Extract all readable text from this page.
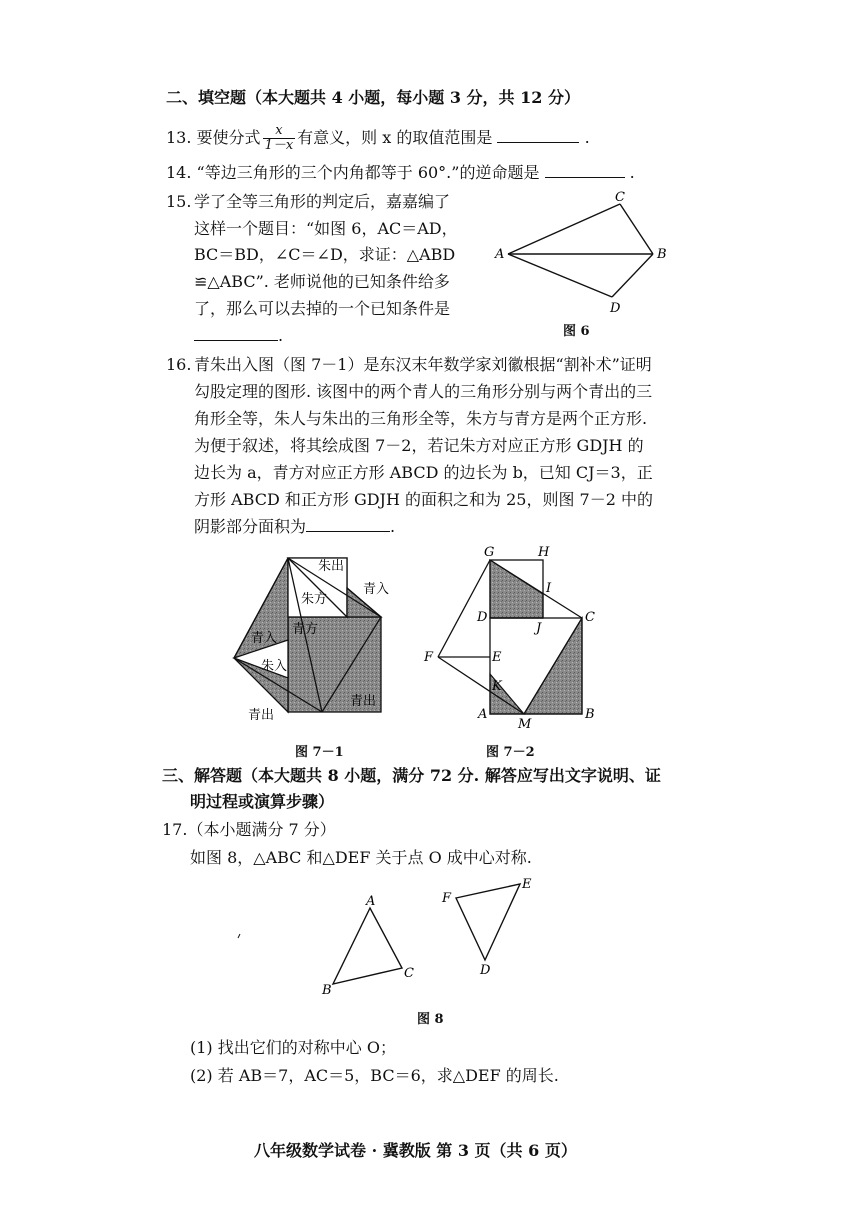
二、填空题（本大题共 4 小题，每小题 3 分，共 12 分）
13. 要使分式 $\frac{x}{1-x}$ 有意义，则 x 的取值范围是	.
14. “等边三角形的三个内角都等于 60°.”的逆命题是	.
15. 学了全等三角形的判定后，嘉嘉编了
这样一个题目：“如图 6，AC＝AD，
BC＝BD，∠C＝∠D，求证：△ABD
≌△ABC”. 老师说他的已知条件给多
了，那么可以去掉的一个已知条件是
.
A
C
B
D
图 6
16. 青朱出入图（图 7－1）是东汉末年数学家刘徽根据“割补术”证明
勾股定理的图形. 该图中的两个青人的三角形分别与两个青出的三
角形全等，朱人与朱出的三角形全等，朱方与青方是两个正方形.
为便于叙述，将其绘成图 7－2，若记朱方对应正方形 GDJH 的
边长为 a，青方对应正方形 ABCD 的边长为 b，已知 CJ＝3，正
方形 ABCD 和正方形 GDJH 的面积之和为 25，则图 7－2 中的
阴影部分面积为	.
朱出
朱方
青入
青入
青方
朱入
青出
青出
图 7－1
G	H
I
D
J
C
F	E
K
A
M
B
图 7－2
三、解答题（本大题共 8 小题，满分 72 分. 解答应写出文字说明、证
明过程或演算步骤）
17.（本小题满分 7 分）
如图 8，△ABC 和△DEF 关于点 O 成中心对称.
A
B
C
F
E
D
图 8
(1) 找出它们的对称中心 O；
(2) 若 AB＝7，AC＝5，BC＝6，求△DEF 的周长.
八年级数学试卷 · 冀教版 第 3 页（共 6 页）
